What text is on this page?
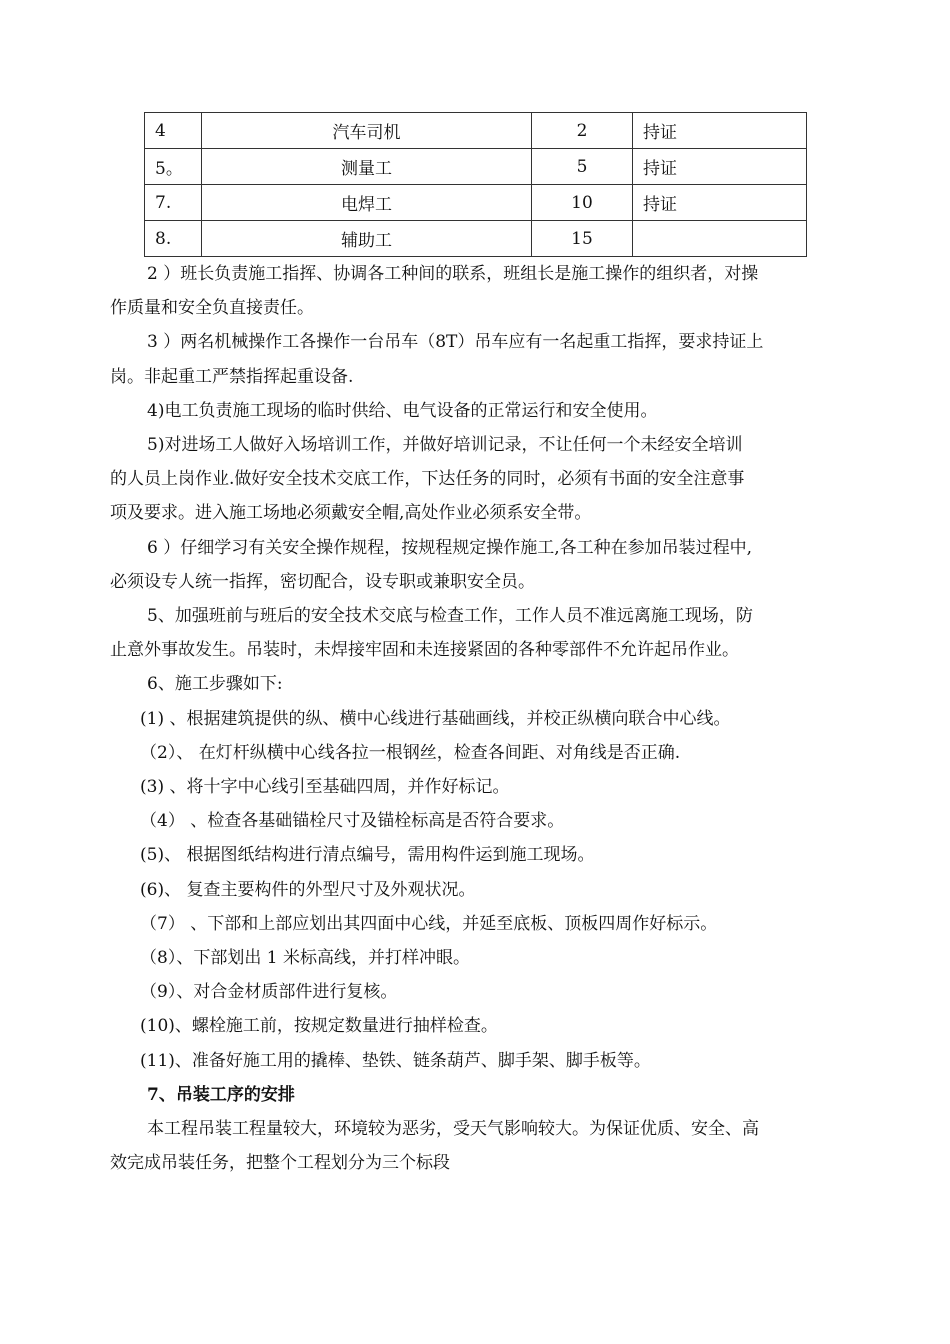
4	汽车司机	2	持证
5。	测量工	5	持证
7.	电焊工	10	持证
8.	辅助工	15	

2 ）班长负责施工指挥、协调各工种间的联系，班组长是施工操作的组织者，对操

作质量和安全负直接责任。

3 ）两名机械操作工各操作一台吊车（8T）吊车应有一名起重工指挥，要求持证上

岗。非起重工严禁指挥起重设备.

4)电工负责施工现场的临时供给、电气设备的正常运行和安全使用。

5)对进场工人做好入场培训工作，并做好培训记录，不让任何一个未经安全培训

的人员上岗作业.做好安全技术交底工作，下达任务的同时，必须有书面的安全注意事

项及要求。进入施工场地必须戴安全帽,高处作业必须系安全带。

6 ）仔细学习有关安全操作规程，按规程规定操作施工,各工种在参加吊装过程中,

必须设专人统一指挥，密切配合，设专职或兼职安全员。

5、加强班前与班后的安全技术交底与检查工作，工作人员不准远离施工现场，防

止意外事故发生。吊装时，未焊接牢固和未连接紧固的各种零部件不允许起吊作业。

6、施工步骤如下:

(1) 、根据建筑提供的纵、横中心线进行基础画线，并校正纵横向联合中心线。

（2）、 在灯杆纵横中心线各拉一根钢丝，检查各间距、对角线是否正确.

(3) 、将十字中心线引至基础四周，并作好标记。

（4） 、检查各基础锚栓尺寸及锚栓标高是否符合要求。

(5)、 根据图纸结构进行清点编号，需用构件运到施工现场。

(6)、 复查主要构件的外型尺寸及外观状况。

（7） 、下部和上部应划出其四面中心线，并延至底板、顶板四周作好标示。

（8）、下部划出 1 米标高线，并打样冲眼。

（9）、对合金材质部件进行复核。

(10)、螺栓施工前，按规定数量进行抽样检查。

(11)、准备好施工用的撬棒、垫铁、链条葫芦、脚手架、脚手板等。

7、吊装工序的安排

本工程吊装工程量较大，环境较为恶劣，受天气影响较大。为保证优质、安全、高

效完成吊装任务，把整个工程划分为三个标段
